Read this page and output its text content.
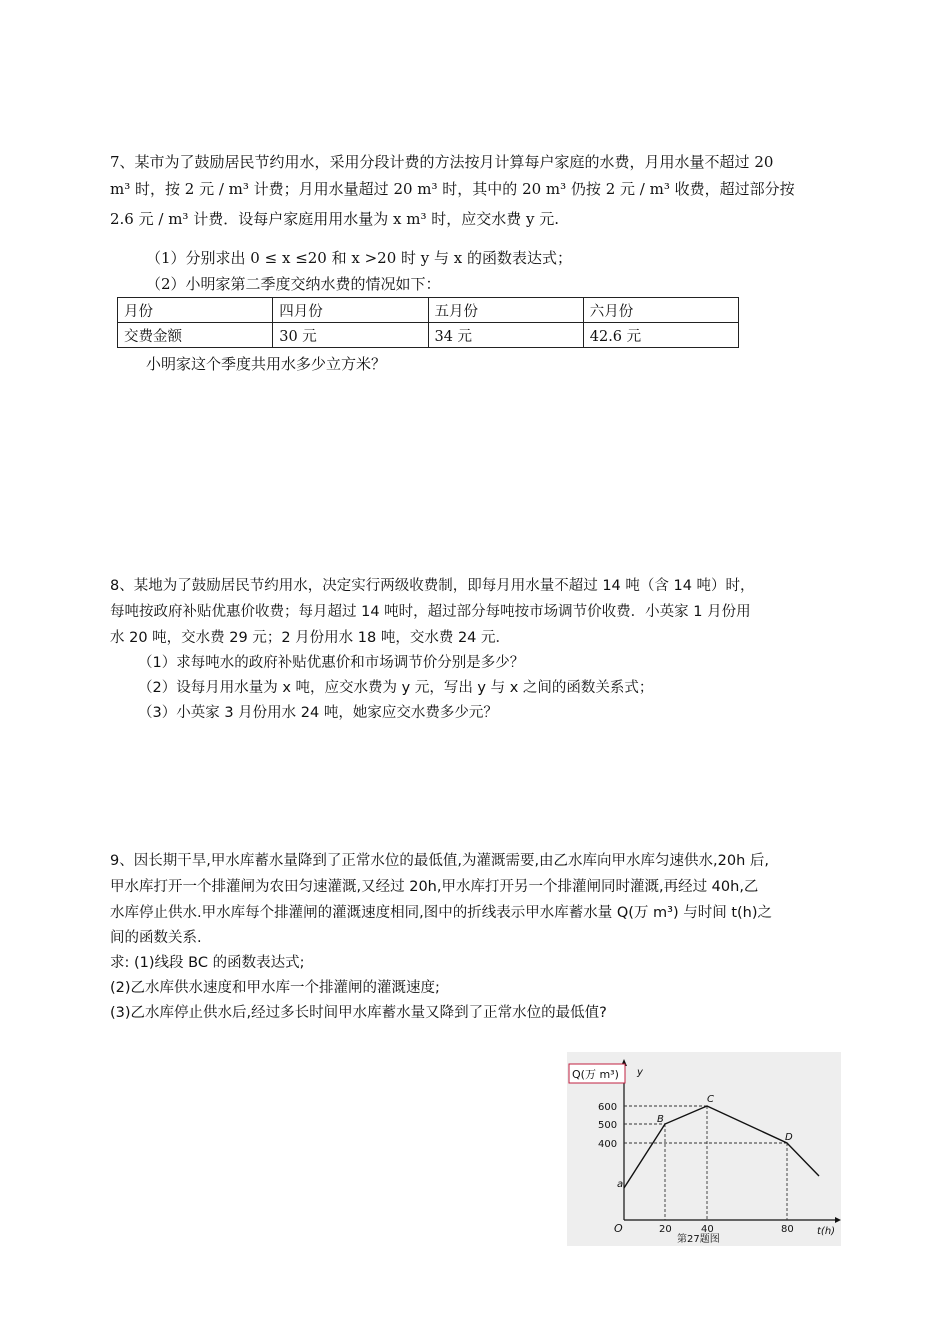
7、某市为了鼓励居民节约用水，采用分段计费的方法按月计算每户家庭的水费，月用水量不超过 20
m³ 时，按 2 元 / m³ 计费；月用水量超过 20 m³ 时，其中的 20 m³ 仍按 2 元 / m³ 收费，超过部分按
2.6 元 / m³ 计费．设每户家庭用用水量为 x m³ 时，应交水费 y 元.
（1）分别求出 0 ≤ x ≤20 和 x >20 时 y 与 x 的函数表达式；
（2）小明家第二季度交纳水费的情况如下：
月份	四月份	五月份	六月份
交费金额	30 元	34 元	42.6 元
小明家这个季度共用水多少立方米？
8、某地为了鼓励居民节约用水，决定实行两级收费制，即每月用水量不超过 14 吨（含 14 吨）时，
每吨按政府补贴优惠价收费；每月超过 14 吨时，超过部分每吨按市场调节价收费．小英家 1 月份用
水 20 吨，交水费 29 元；2 月份用水 18 吨，交水费 24 元．
（1）求每吨水的政府补贴优惠价和市场调节价分别是多少？
（2）设每月用水量为 x 吨，应交水费为 y 元，写出 y 与 x 之间的函数关系式；
（3）小英家 3 月份用水 24 吨，她家应交水费多少元？
9、因长期干旱,甲水库蓄水量降到了正常水位的最低值,为灌溉需要,由乙水库向甲水库匀速供水,20h 后,
甲水库打开一个排灌闸为农田匀速灌溉,又经过 20h,甲水库打开另一个排灌闸同时灌溉,再经过 40h,乙
水库停止供水.甲水库每个排灌闸的灌溉速度相同,图中的折线表示甲水库蓄水量 Q(万 m³) 与时间 t(h)之
间的函数关系.
求: (1)线段 BC 的函数表达式;
(2)乙水库供水速度和甲水库一个排灌闸的灌溉速度;
(3)乙水库停止供水后,经过多长时间甲水库蓄水量又降到了正常水位的最低值?
Q(万 m³) y
600
500
400
a
O	20	40	80 t(h)
B
C
D
第27题图
